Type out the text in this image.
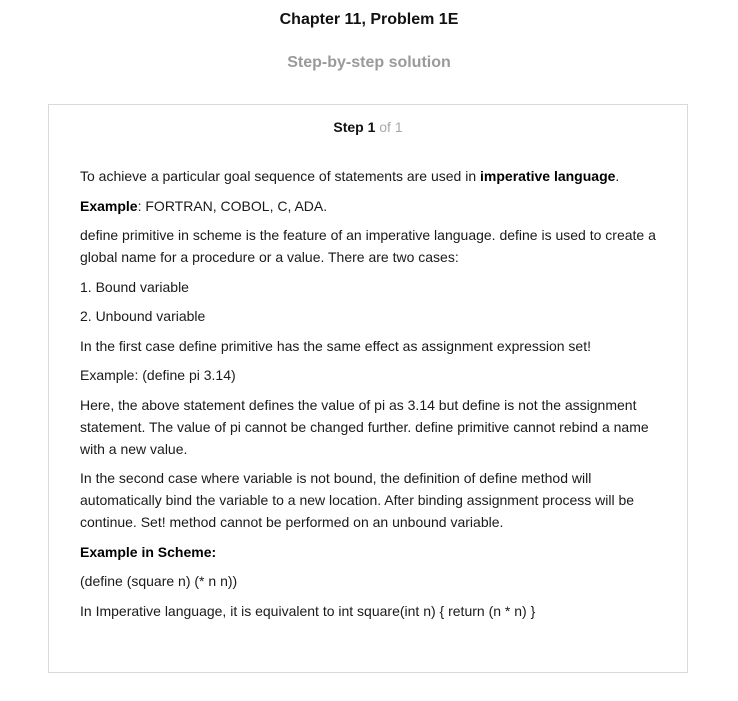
Chapter 11, Problem 1E
Step-by-step solution
Step 1 of 1

To achieve a particular goal sequence of statements are used in imperative language.

Example: FORTRAN, COBOL, C, ADA.

define primitive in scheme is the feature of an imperative language. define is used to create a global name for a procedure or a value. There are two cases:

1. Bound variable

2. Unbound variable

In the first case define primitive has the same effect as assignment expression set!

Example: (define pi 3.14)

Here, the above statement defines the value of pi as 3.14 but define is not the assignment statement. The value of pi cannot be changed further. define primitive cannot rebind a name with a new value.

In the second case where variable is not bound, the definition of define method will automatically bind the variable to a new location. After binding assignment process will be continue. Set! method cannot be performed on an unbound variable.

Example in Scheme:

(define (square n) (* n n))

In Imperative language, it is equivalent to int square(int n) { return (n * n) }
